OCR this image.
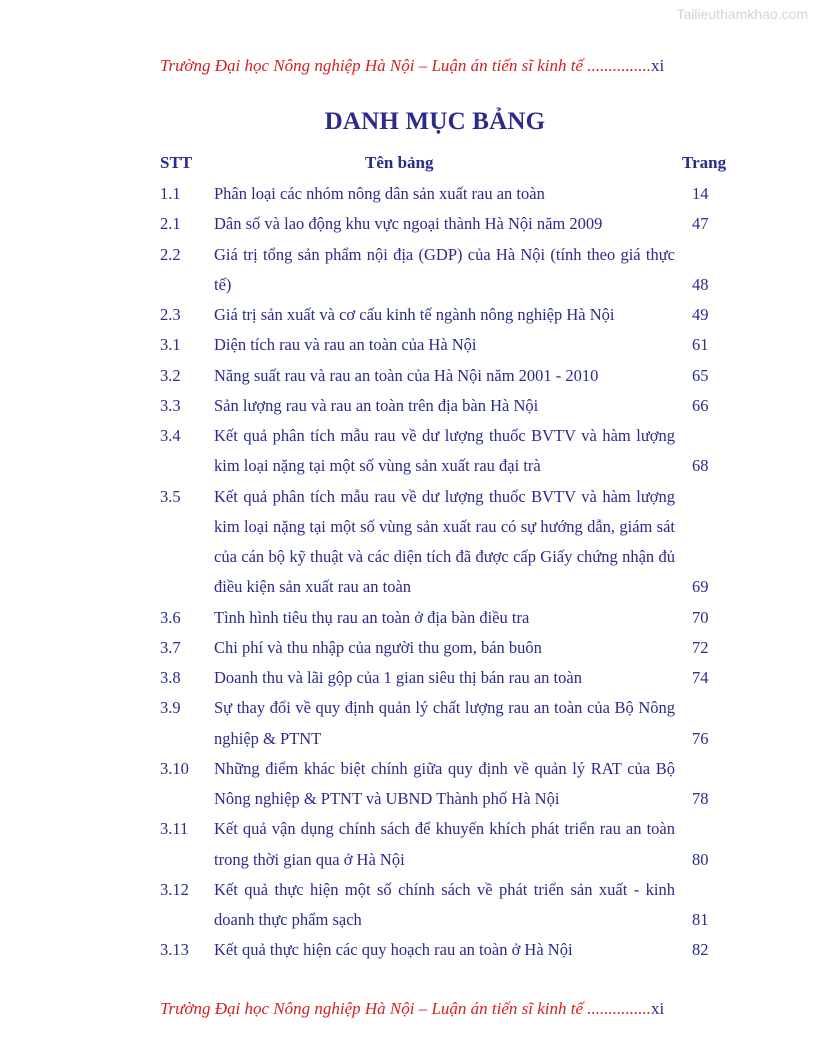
Tailieuthamkhao.com
Trường Đại học Nông nghiệp Hà Nội – Luận án tiến sĩ kinh tế ...............xi
DANH MỤC BẢNG
STT	Tên bảng	Trang
1.1 Phân loại các nhóm nông dân sản xuất rau an toàn	14
2.1 Dân số và lao động khu vực ngoại thành Hà Nội năm 2009	47
2.2 Giá trị tổng sản phẩm nội địa (GDP) của Hà Nội (tính theo giá thực tế)	48
2.3 Giá trị sản xuất và cơ cấu kinh tế ngành nông nghiệp Hà Nội	49
3.1 Diện tích rau và rau an toàn của Hà Nội	61
3.2 Năng suất rau và rau an toàn của Hà Nội năm 2001 - 2010	65
3.3 Sản lượng rau và rau an toàn trên địa bàn Hà Nội	66
3.4 Kết quả phân tích mẫu rau về dư lượng thuốc BVTV và hàm lượng kim loại nặng tại một số vùng sản xuất rau đại trà	68
3.5 Kết quả phân tích mẫu rau về dư lượng thuốc BVTV và hàm lượng kim loại nặng tại một số vùng sản xuất rau có sự hướng dẫn, giám sát của cán bộ kỹ thuật và các diện tích đã được cấp Giấy chứng nhận đủ điều kiện sản xuất rau an toàn	69
3.6 Tình hình tiêu thụ rau an toàn ở địa bàn điều tra	70
3.7 Chi phí và thu nhập của người thu gom, bán buôn	72
3.8 Doanh thu và lãi gộp của 1 gian siêu thị bán rau an toàn	74
3.9 Sự thay đổi về quy định quản lý chất lượng rau an toàn của Bộ Nông nghiệp & PTNT	76
3.10 Những điểm khác biệt chính giữa quy định về quản lý RAT của Bộ Nông nghiệp & PTNT và UBND Thành phố Hà Nội	78
3.11 Kết quả vận dụng chính sách để khuyến khích phát triển rau an toàn trong thời gian qua ở Hà Nội	80
3.12 Kết quả thực hiện một số chính sách về phát triển sản xuất - kinh doanh thực phẩm sạch	81
3.13 Kết quả thực hiện các quy hoạch rau an toàn ở Hà Nội	82
Trường Đại học Nông nghiệp Hà Nội – Luận án tiến sĩ kinh tế ...............xi
